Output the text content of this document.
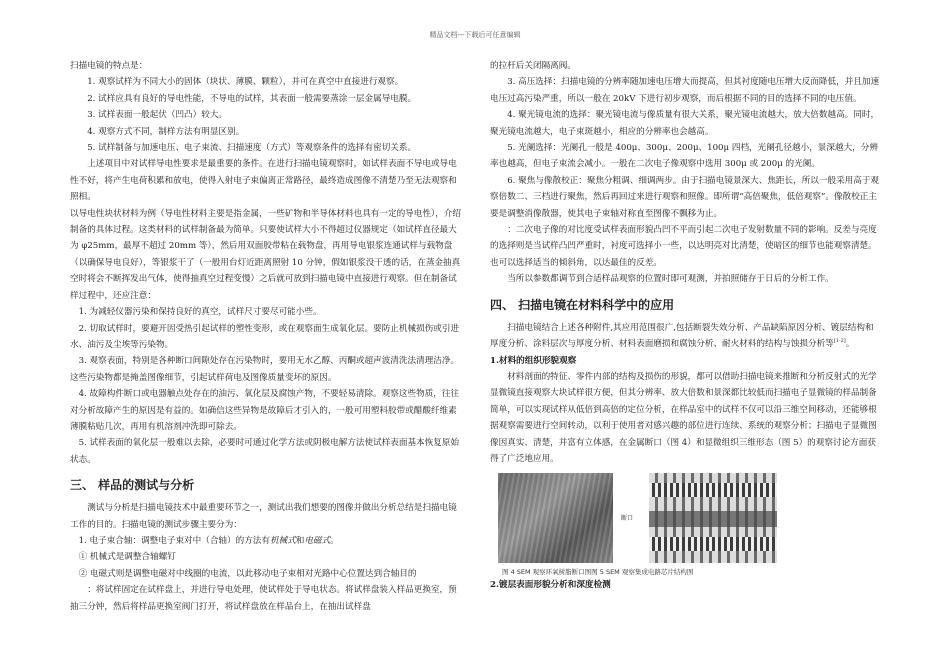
精品文档---下载后可任意编辑

扫描电镜的特点是：

1. 观察试样为不同大小的固体（块状、薄膜、颗粒），并可在真空中直接进行观察。

2. 试样应具有良好的导电性能，不导电的试样，其表面一般需要蒸涂一层金属导电膜。

3. 试样表面一般起伏（凹凸）较大。

4. 观察方式不同，制样方法有明显区别。

5. 试样制备与加速电压、电子束流、扫描速度（方式）等观察条件的选择有密切关系。

上述项目中对试样导电性要求是最重要的条件。在进行扫描电镜观察时，如试样表面不导电或导电性不好，将产生电荷积累和放电，使得入射电子束偏离正常路径，最终造成图像不清楚乃至无法观察和照相。

以导电性块状材料为例（导电性材料主要是指金属，一些矿物和半导体材料也具有一定的导电性），介绍制备的具体过程。这类材料的试样制备最为简单。只要使试样大小不得超过仪器规定（如试样直径最大为 φ25mm，最厚不超过 20mm 等），然后用双面胶带粘在载物盘，再用导电银浆连通试样与载物盘（以确保导电良好），等银浆干了（一般用台灯近距离照射 10 分钟，假如银浆没干透的话，在蒸金抽真空时将会不断挥发出气体，使得抽真空过程变慢）之后就可放到扫描电镜中直接进行观察。但在制备试样过程中，还应注意：

1. 为减轻仪器污染和保持良好的真空，试样尺寸要尽可能小些。

2. 切取试样时，要避开因受热引起试样的塑性变形，或在观察面生成氧化层。要防止机械损伤或引进水、油污及尘埃等污染物。

3. 观察表面，特别是各种断口间隙处存在污染物时，要用无水乙醇、丙酮或超声波清洗法清理洁净。这些污染物都是掩盖图像细节，引起试样荷电及图像质量变坏的原因。

4. 故障构件断口或电器触点处存在的油污、氧化层及腐蚀产物，不要轻易清除。观察这些物质，往往对分析故障产生的原因是有益的。如确信这些异物是故障后才引入的，一般可用塑料胶带或醋酸纤维素薄膜粘贴几次，再用有机溶剂冲洗即可除去。

5. 试样表面的氧化层一般难以去除，必要时可通过化学方法或阴极电解方法使试样表面基本恢复原始状态。

三、 样品的测试与分析

测试与分析是扫描电镜技术中最重要环节之一，测试出我们想要的图像并做出分析总结是扫描电镜工作的目的。扫描电镜的测试步骤主要分为：

1. 电子束合轴：调整电子束对中（合轴）的方法有机械式和电磁式。

① 机械式是调整合轴螺钉

② 电磁式则是调整电磁对中线圈的电流，以此移动电子束相对光路中心位置达到合轴目的

：将试样固定在试样盘上，并进行导电处理，使试样处于导电状态。将试样盘装入样品更换室，预抽三分钟，然后将样品更换室阀门打开，将试样盘放在样品台上，在抽出试样盘

的拉杆后关闭隔离阀。

3. 高压选择：扫描电镜的分辨率随加速电压增大而提高，但其衬度随电压增大反而降低，并且加速电压过高污染严重，所以一般在 20kV 下进行初步观察，而后根据不同的目的选择不同的电压值。

4. 聚光镜电流的选择：聚光镜电流与像质量有很大关系，聚光镜电流越大，放大倍数越高。同时，聚光镜电流越大，电子束斑越小，相应的分辨率也会越高。

5. 光阑选择：光阑孔一般是 400μ、300μ、200μ、100μ 四档，光阑孔径越小，景深越大，分辨率也越高，但电子束流会减小。一般在二次电子像观察中选用 300μ 或 200μ 的光阑。

6. 聚焦与像散校正：聚焦分粗调、细调两步。由于扫描电镜景深大、焦距长，所以一般采用高于观察倍数二、三档进行聚焦，然后再回过来进行观察和照像。即所谓“高倍聚焦，低倍观察”。像散校正主要是调整消像散器，使其电子束轴对称直至图像不飘移为止。

：二次电子像的对比度受试样表面形貌凸凹不平而引起二次电子发射数量不同的影响。反差与亮度的选择则是当试样凸凹严重时，衬度可选择小一些，以达明亮对比清楚，使暗区的细节也能观察清楚。也可以选择适当的倾斜角，以达最佳的反差。

当所以参数都调节到合适样品观察的位置时即可观测，并拍照储存于日后的分析工作。

四、 扫描电镜在材料科学中的应用

扫描电镜结合上述各种附件,其应用范围很广,包括断裂失效分析、产品缺陷原因分析、镀层结构和厚度分析、涂料层次与厚度分析、材料表面磨损和腐蚀分析、耐火材料的结构与蚀损分析等[1-2]。

1.材料的组织形貌观察

材料剖面的特征、零件内部的结构及损伤的形貌，都可以借助扫描电镜来推断和分析反射式的光学显微镜直接观察大块试样很方便，但其分辨率、放大倍数和景深都比较低而扫描电子显微镜的样品制备简单，可以实现试样从低倍到高倍的定位分析，在样品室中的试样不仅可以沿三维空间移动，还能够根据观察需要进行空间转动，以利于使用者对感兴趣的部位进行连续、系统的观察分析；扫描电子显微图像因真实、清楚，并富有立体感，在金属断口（图 4）和显微组织三维形态（图 5）的观察讨论方面获得了广泛地应用。

断口

图 4 SEM 观察环氧树脂断口图图 5 SEM 观察集成电路芯片结构图

2.镀层表面形貌分析和深度检测
